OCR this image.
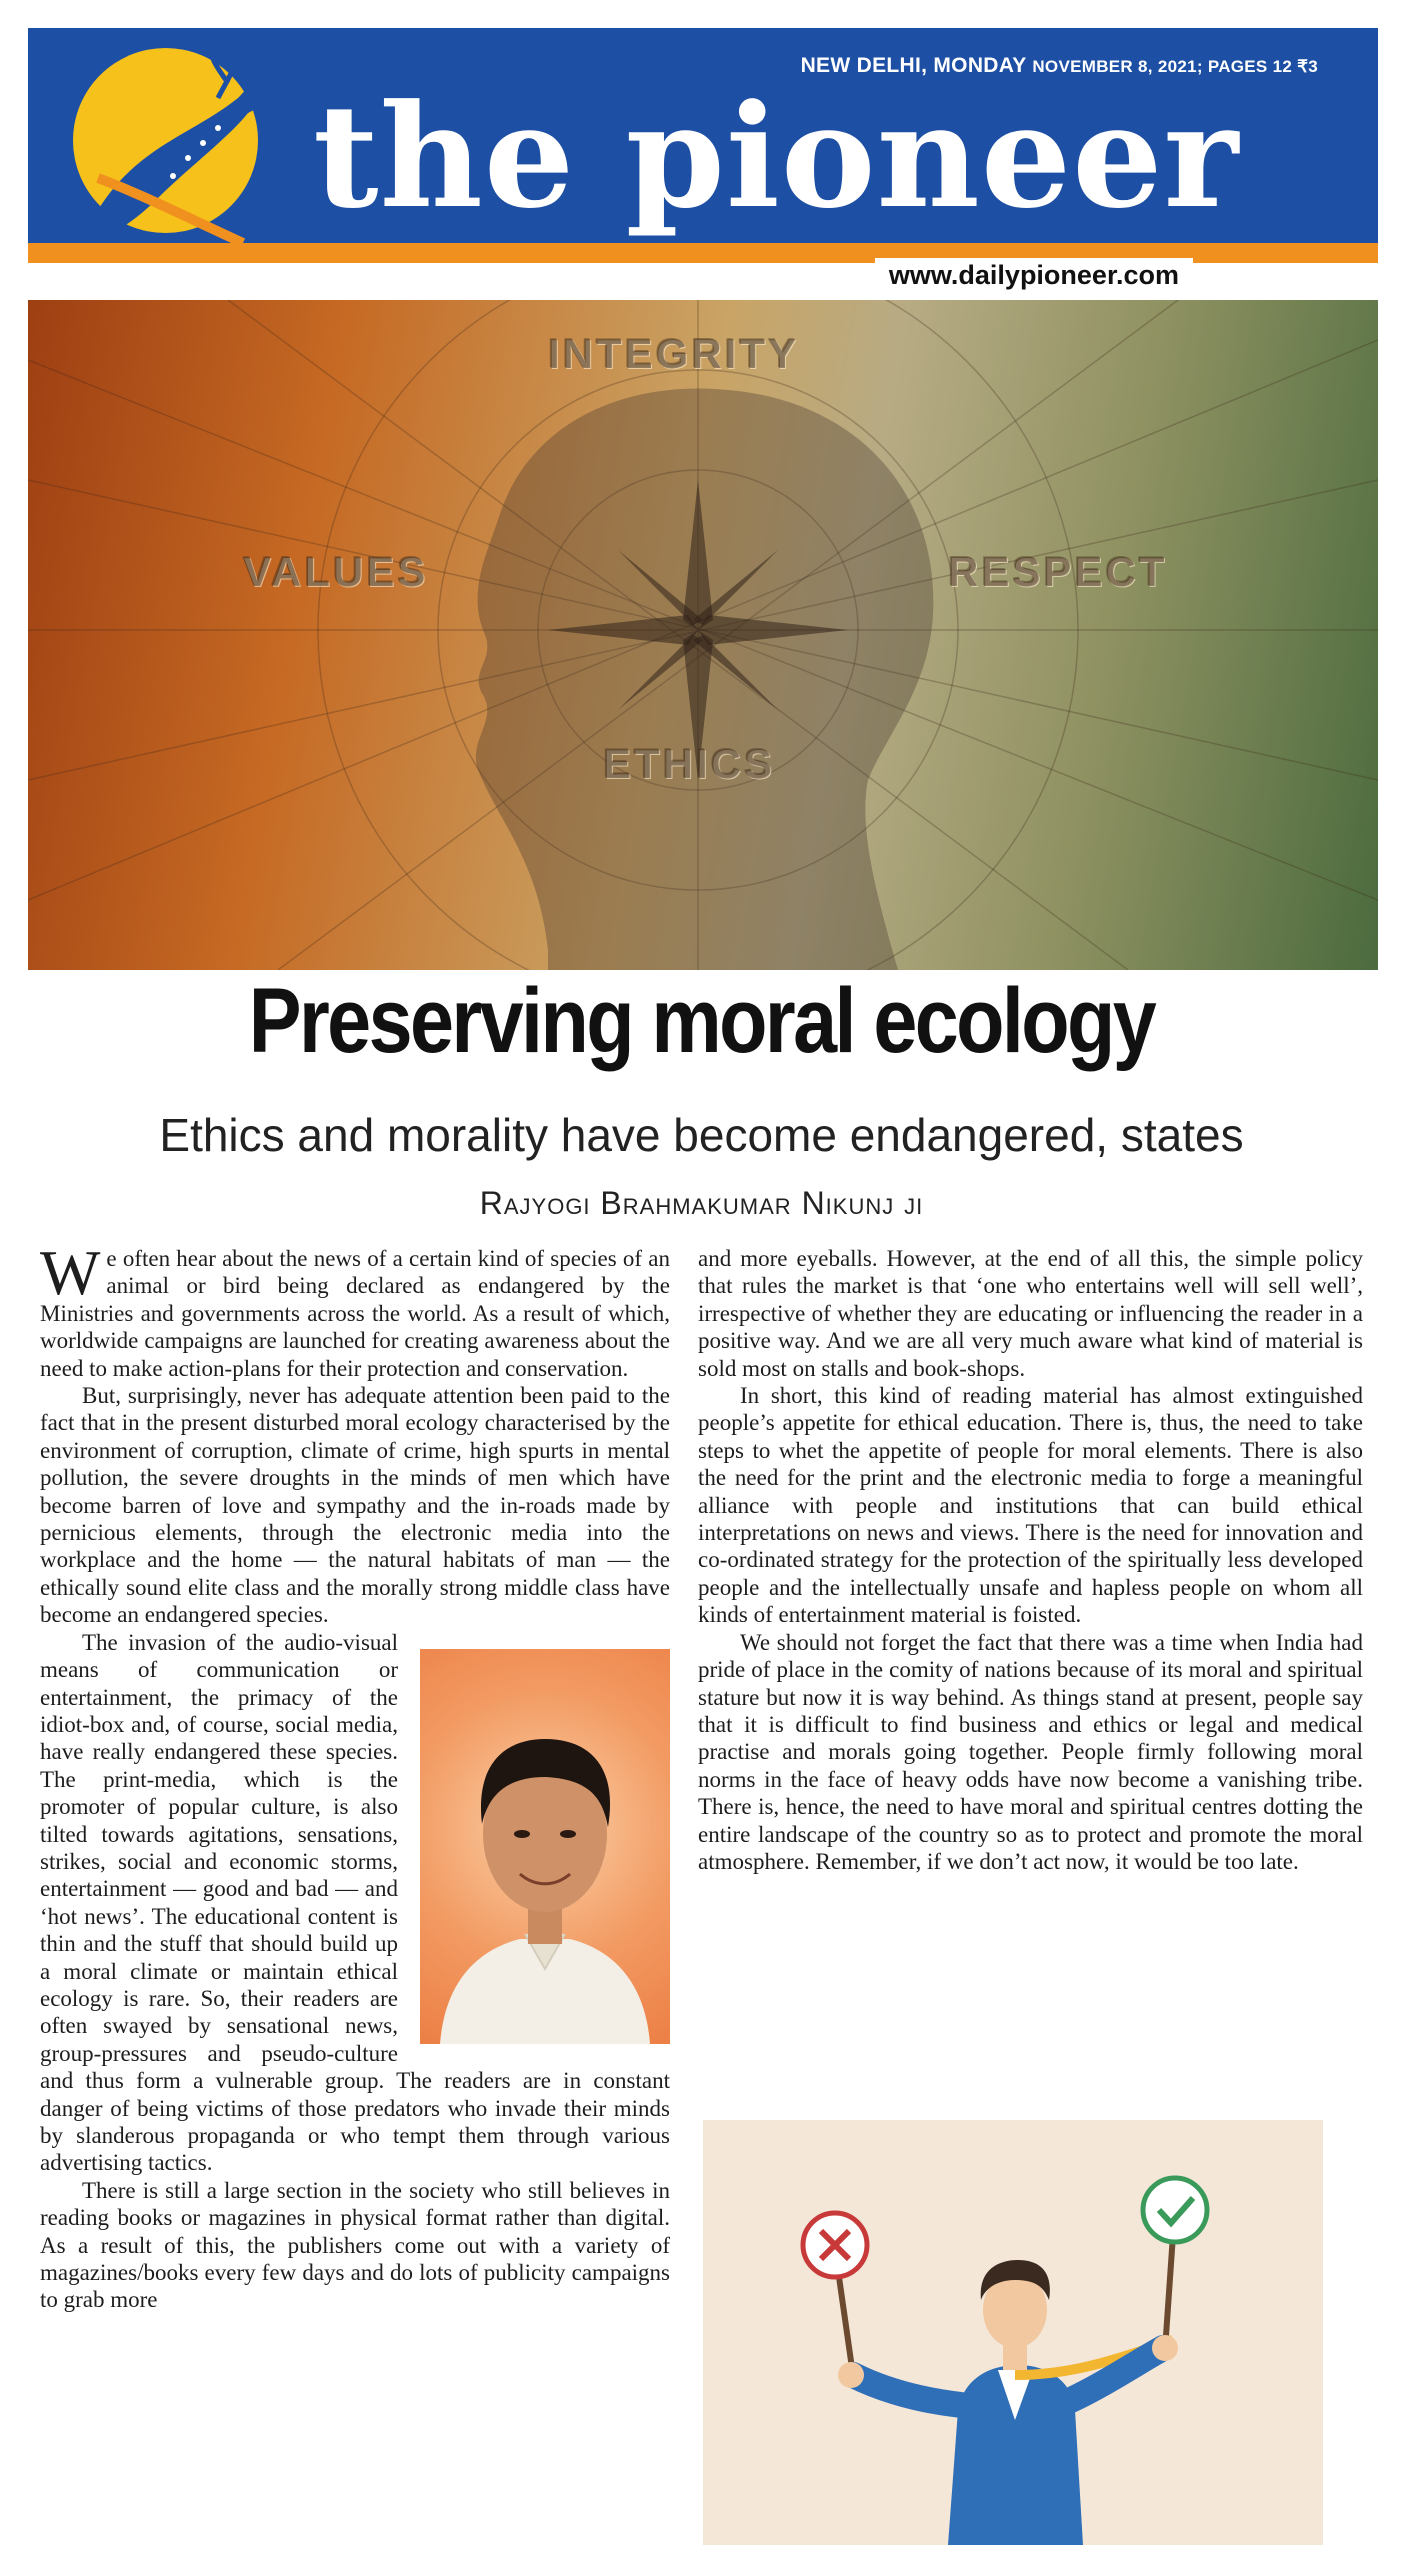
NEW DELHI, MONDAY NOVEMBER 8, 2021; PAGES 12 ₹3
the pioneer
www.dailypioneer.com
INTEGRITY
VALUES	RESPECT
ETHICS
Preserving moral ecology
Ethics and morality have become endangered, states
Rajyogi Brahmakumar Nikunj ji

We often hear about the news of a certain kind of species of an animal or bird being declared as endangered by the Ministries and governments across the world. As a result of which, worldwide campaigns are launched for creating awareness about the need to make action-plans for their protection and conservation.

But, surprisingly, never has adequate attention been paid to the fact that in the present disturbed moral ecology characterised by the environment of corruption, climate of crime, high spurts in mental pollution, the severe droughts in the minds of men which have become barren of love and sympathy and the in-roads made by pernicious elements, through the electronic media into the workplace and the home — the natural habitats of man — the ethically sound elite class and the morally strong middle class have become an endangered species.

The invasion of the audio-visual means of communication or entertainment, the primacy of the idiot-box and, of course, social media, have really endangered these species. The print-media, which is the promoter of popular culture, is also tilted towards agitations, sensations, strikes, social and economic storms, entertainment — good and bad — and ‘hot news’. The educational content is thin and the stuff that should build up a moral climate or maintain ethical ecology is rare. So, their readers are often swayed by sensational news, group-pressures and pseudo-culture and thus form a vulnerable group. The readers are in constant danger of being victims of those predators who invade their minds by slanderous propaganda or who tempt them through various advertising tactics.

There is still a large section in the society who still believes in reading books or magazines in physical format rather than digital. As a result of this, the publishers come out with a variety of magazines/books every few days and do lots of publicity campaigns to grab more

and more eyeballs. However, at the end of all this, the simple policy that rules the market is that ‘one who entertains well will sell well’, irrespective of whether they are educating or influencing the reader in a positive way. And we are all very much aware what kind of material is sold most on stalls and book-shops.

In short, this kind of reading material has almost extinguished people’s appetite for ethical education. There is, thus, the need to take steps to whet the appetite of people for moral elements. There is also the need for the print and the electronic media to forge a meaningful alliance with people and institutions that can build ethical interpretations on news and views. There is the need for innovation and co-ordinated strategy for the protection of the spiritually less developed people and the intellectually unsafe and hapless people on whom all kinds of entertainment material is foisted.

We should not forget the fact that there was a time when India had pride of place in the comity of nations because of its moral and spiritual stature but now it is way behind. As things stand at present, people say that it is difficult to find business and ethics or legal and medical practise and morals going together. People firmly following moral norms in the face of heavy odds have now become a vanishing tribe. There is, hence, the need to have moral and spiritual centres dotting the entire landscape of the country so as to protect and promote the moral atmosphere. Remember, if we don’t act now, it would be too late.
